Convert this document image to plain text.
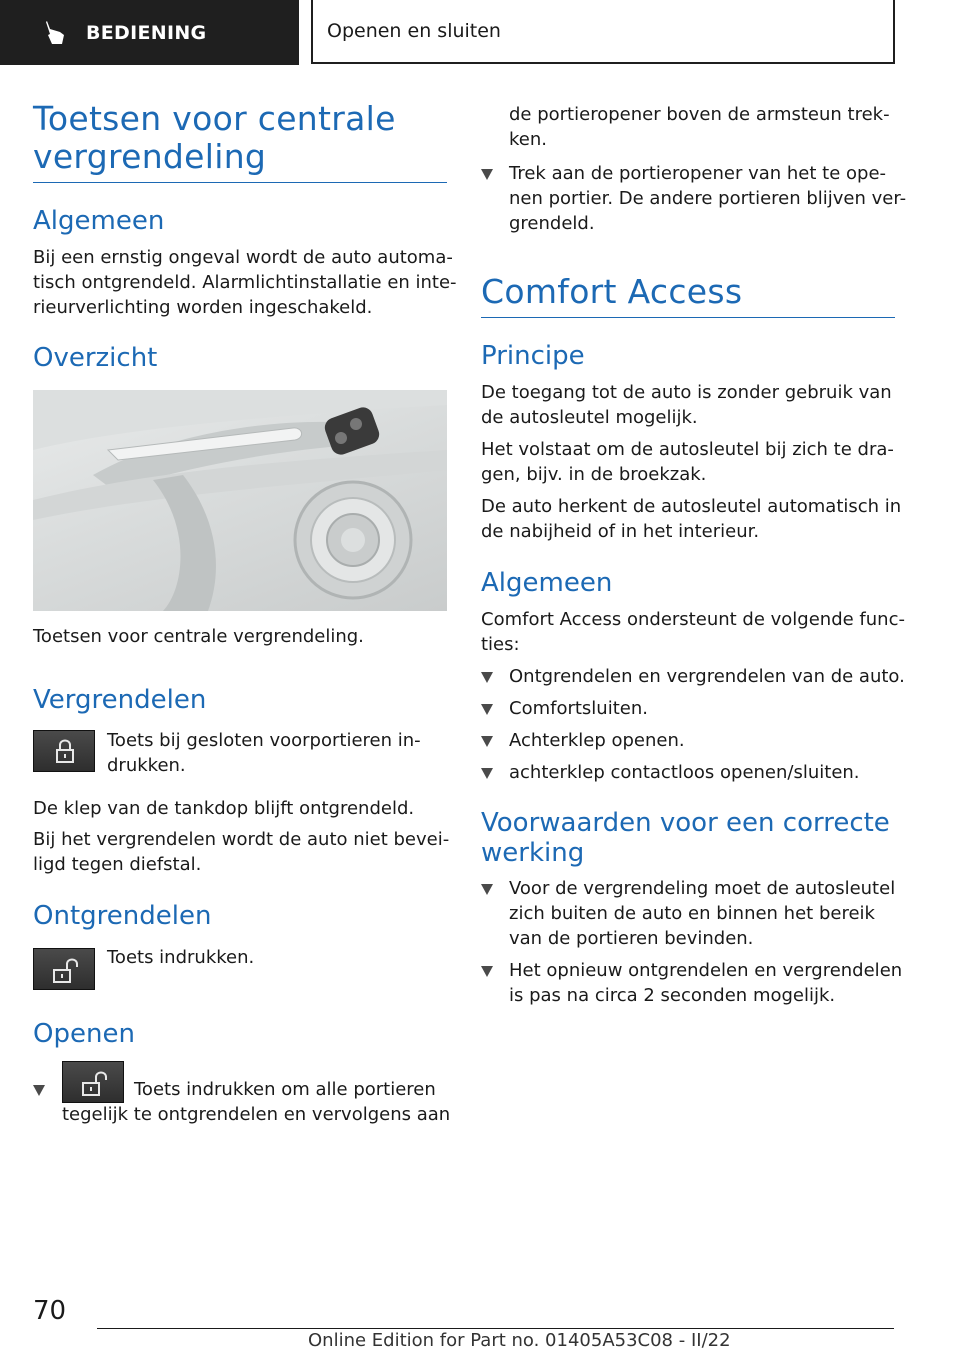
BEDIENING	Openen en sluiten
Toetsen voor centrale
vergrendeling
Algemeen
Bij een ernstig ongeval wordt de auto automa-
tisch ontgrendeld. Alarmlichtinstallatie en inte-
rieurverlichting worden ingeschakeld.
Overzicht
Toetsen voor centrale vergrendeling.
Vergrendelen
Toets bij gesloten voorportieren in-
drukken.
De klep van de tankdop blijft ontgrendeld.
Bij het vergrendelen wordt de auto niet bevei-
ligd tegen diefstal.
Ontgrendelen
Toets indrukken.
Openen
Toets indrukken om alle portieren
tegelijk te ontgrendelen en vervolgens aan
de portieropener boven de armsteun trek-
ken.
Trek aan de portieropener van het te ope-
nen portier. De andere portieren blijven ver-
grendeld.
Comfort Access
Principe
De toegang tot de auto is zonder gebruik van
de autosleutel mogelijk.
Het volstaat om de autosleutel bij zich te dra-
gen, bijv. in de broekzak.
De auto herkent de autosleutel automatisch in
de nabijheid of in het interieur.
Algemeen
Comfort Access ondersteunt de volgende func-
ties:
Ontgrendelen en vergrendelen van de auto.
Comfortsluiten.
Achterklep openen.
achterklep contactloos openen/sluiten.
Voorwaarden voor een correcte
werking
Voor de vergrendeling moet de autosleutel
zich buiten de auto en binnen het bereik
van de portieren bevinden.
Het opnieuw ontgrendelen en vergrendelen
is pas na circa 2 seconden mogelijk.
70
Online Edition for Part no. 01405A53C08 - II/22
